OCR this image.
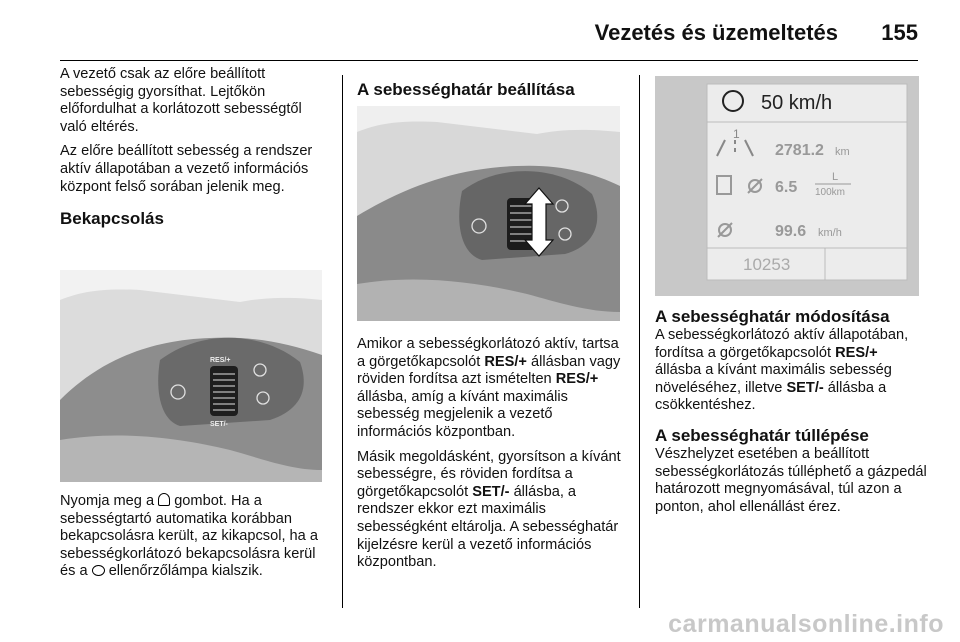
Vezetés és üzemeltetés 155

A vezető csak az előre beállított sebességig gyorsíthat. Lejtőkön előfordulhat a korlátozott sebességtől való eltérés.

Az előre beállított sebesség a rendszer aktív állapotában a vezető információs központ felső sorában jelenik meg.

Bekapcsolás
RES/+
SET/-
Nyomja meg a  gombot. Ha a sebességtartó automatika korábban bekapcsolásra került, az kikapcsol, ha a sebességkorlátozó bekapcsolásra kerül és a  ellenőrzőlámpa kialszik.
A sebességhatár beállítása

Amikor a sebességkorlátozó aktív, tartsa a görgetőkapcsolót RES/+ állásban vagy röviden fordítsa azt ismételten RES/+ állásba, amíg a kívánt maximális sebesség megjelenik a vezető információs központban.

Másik megoldásként, gyorsítson a kívánt sebességre, és röviden fordítsa a görgetőkapcsolót SET/- állásba, a rendszer ekkor ezt maximális sebességként eltárolja. A sebességhatár kijelzésre kerül a vezető információs központban.

50 km/h
1
2781.2 km
6.5
L
100km
99.6 km/h
10253
A sebességhatár módosítása

A sebességkorlátozó aktív állapotában, fordítsa a görgetőkapcsolót RES/+ állásba a kívánt maximális sebesség növeléséhez, illetve SET/- állásba a csökkentéshez.

A sebességhatár túllépése

Vészhelyzet esetében a beállított sebességkorlátozás túlléphető a gázpedál határozott megnyomásával, túl azon a ponton, ahol ellenállást érez.

carmanualsonline.info
